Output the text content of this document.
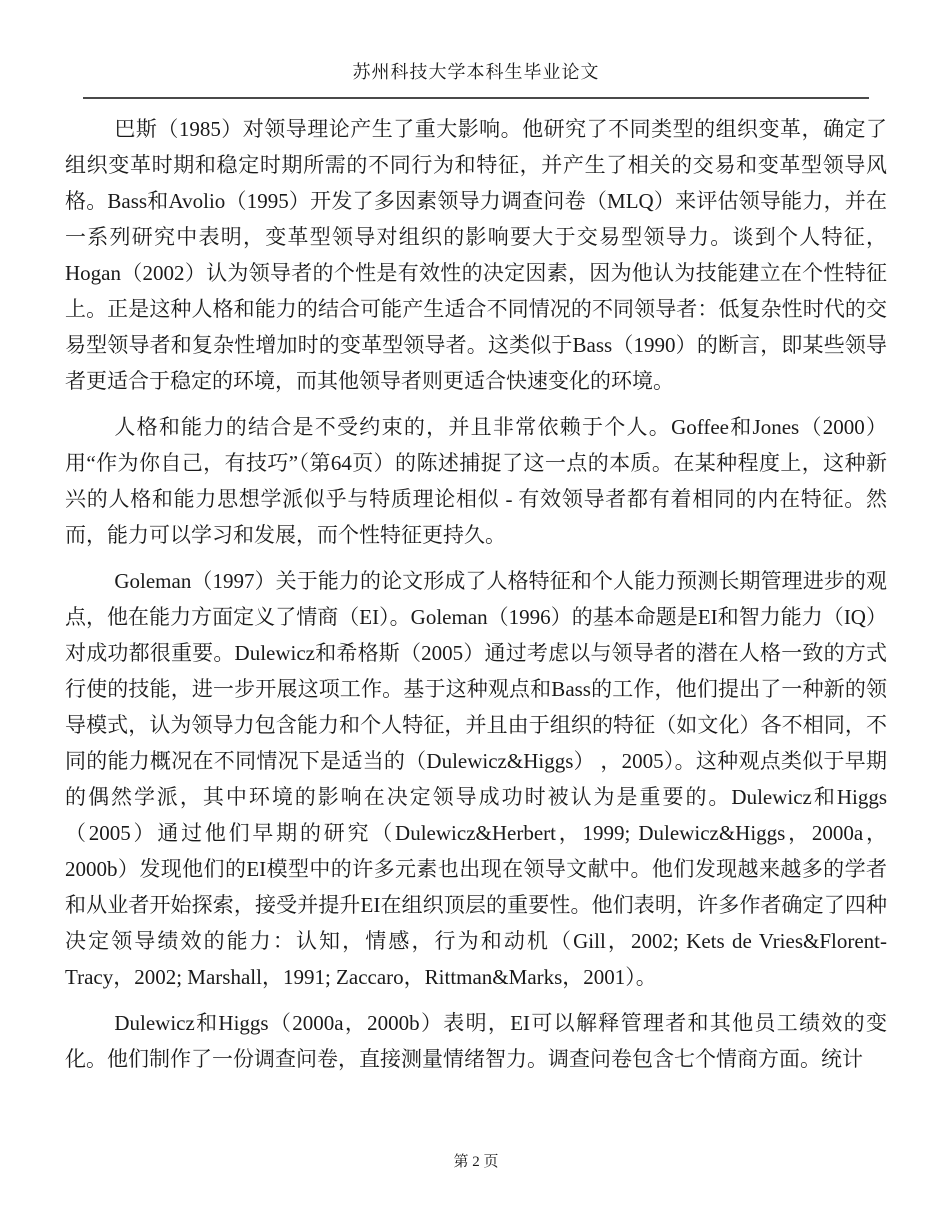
苏州科技大学本科生毕业论文

巴斯（1985）对领导理论产生了重大影响。他研究了不同类型的组织变革，确定了组织变革时期和稳定时期所需的不同行为和特征，并产生了相关的交易和变革型领导风格。Bass和Avolio（1995）开发了多因素领导力调查问卷（MLQ）来评估领导能力，并在一系列研究中表明，变革型领导对组织的影响要大于交易型领导力。谈到个人特征，Hogan（2002）认为领导者的个性是有效性的决定因素，因为他认为技能建立在个性特征上。正是这种人格和能力的结合可能产生适合不同情况的不同领导者：低复杂性时代的交易型领导者和复杂性增加时的变革型领导者。这类似于Bass（1990）的断言，即某些领导者更适合于稳定的环境，而其他领导者则更适合快速变化的环境。

人格和能力的结合是不受约束的，并且非常依赖于个人。Goffee和Jones（2000）用“作为你自己，有技巧”（第64页）的陈述捕捉了这一点的本质。在某种程度上，这种新兴的人格和能力思想学派似乎与特质理论相似 - 有效领导者都有着相同的内在特征。然而，能力可以学习和发展，而个性特征更持久。

Goleman（1997）关于能力的论文形成了人格特征和个人能力预测长期管理进步的观点，他在能力方面定义了情商（EI）。Goleman（1996）的基本命题是EI和智力能力（IQ）对成功都很重要。Dulewicz和希格斯（2005）通过考虑以与领导者的潜在人格一致的方式行使的技能，进一步开展这项工作。基于这种观点和Bass的工作，他们提出了一种新的领导模式，认为领导力包含能力和个人特征，并且由于组织的特征（如文化）各不相同，不同的能力概况在不同情况下是适当的（Dulewicz&Higgs） ，2005）。这种观点类似于早期的偶然学派，其中环境的影响在决定领导成功时被认为是重要的。Dulewicz和Higgs（2005）通过他们早期的研究（Dulewicz&Herbert，1999; Dulewicz&Higgs，2000a，2000b）发现他们的EI模型中的许多元素也出现在领导文献中。他们发现越来越多的学者和从业者开始探索，接受并提升EI在组织顶层的重要性。他们表明，许多作者确定了四种决定领导绩效的能力：认知，情感，行为和动机（Gill，2002; Kets de Vries&Florent-Tracy，2002; Marshall，1991; Zaccaro，Rittman&Marks，2001）。

Dulewicz和Higgs（2000a，2000b）表明，EI可以解释管理者和其他员工绩效的变化。他们制作了一份调查问卷，直接测量情绪智力。调查问卷包含七个情商方面。统计

第 2 页
